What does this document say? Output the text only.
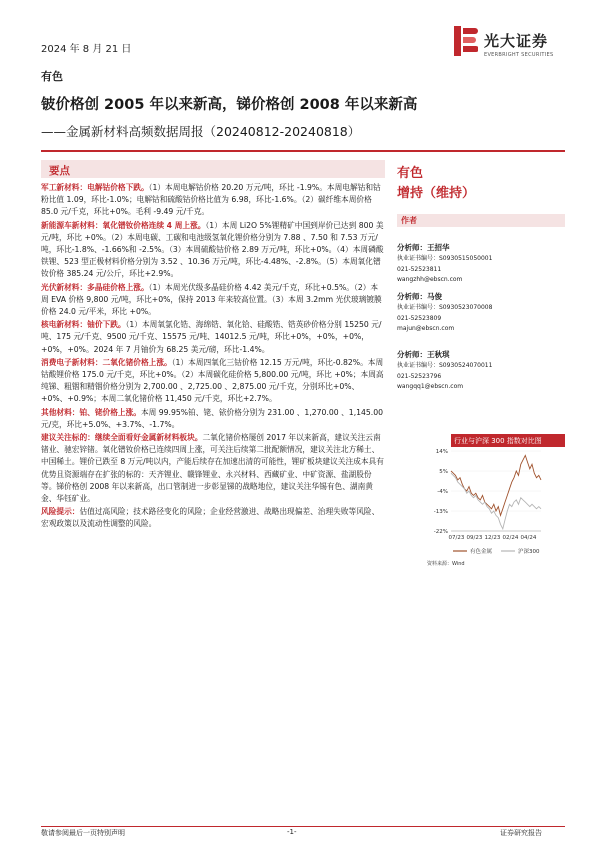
2024 年 8 月 21 日	光大证券
EVERBRIGHT SECURITIES
有色
铍价格创 2005 年以来新高，锑价格创 2008 年以来新高
——金属新材料高频数据周报（20240812-20240818）
要点

军工新材料：电解钴价格下跌。（1）本周电解钴价格 20.20 万元/吨，环比 -1.9%。本周电解钴和钴粉比值 1.09，环比-1.0%；电解钴和硫酸钴价格比值为 6.98，环比-1.6%。（2）碳纤维本周价格 85.0 元/千克，环比+0%。毛利 -9.49 元/千克。

新能源车新材料：氧化镨钕价格连续 4 周上涨。（1）本周 Li2O 5%锂精矿中国到岸价已达到 800 美元/吨，环比 +0%。（2）本周电碳、工碳和电池级氢氧化锂价格分别为 7.88 、7.50 和 7.53 万元/吨，环比-1.8%、-1.66%和 -2.5%。（3）本周硫酸钴价格 2.89 万元/吨，环比+0%。（4）本周磷酸铁锂、523 型正极材料价格分别为 3.52 、10.36 万元/吨，环比-4.48%、-2.8%。（5）本周氧化镨钕价格 385.24 元/公斤，环比+2.9%。

光伏新材料：多晶硅价格上涨。（1）本周光伏级多晶硅价格 4.42 美元/千克，环比+0.5%。（2）本周 EVA 价格 9,800 元/吨，环比+0%，保持 2013 年来较高位置。（3）本周 3.2mm 光伏玻璃镀膜价格 24.0 元/平米，环比 +0%。

核电新材料：铀价下跌。（1）本周氧氯化锆、海绵锆、氧化铪、硅酸锆、锆英砂价格分别 15250 元/吨、175 元/千克、9500 元/千克、15575 元/吨、14012.5 元/吨，环比+0%，+0%，+0%，+0%，+0%。2024 年 7 月铀价为 68.25 美元/磅，环比-1.4%。

消费电子新材料：二氧化锗价格上涨。（1）本周四氧化三钴价格 12.15 万元/吨，环比-0.82%。本周钴酸锂价格 175.0 元/千克，环比+0%。（2）本周碳化硅价格 5,800.00 元/吨，环比 +0%；本周高纯锑、粗铟和精铟价格分别为 2,700.00 、2,725.00 、2,875.00 元/千克，分别环比+0%、+0%、+0.9%；本周二氧化锗价格 11,450 元/千克，环比+2.7%。

其他材料：铂、铑价格上涨。本周 99.95%铂、铑、铱价格分别为 231.00 、1,270.00 、1,145.00 元/克，环比+5.0%、+3.7%、-1.7%。

建议关注标的：继续全面看好金属新材料板块。二氧化锗价格屡创 2017 年以来新高，建议关注云南锗业、驰宏锌锗。氧化镨钕价格已连续四周上涨，可关注后续第二批配额情况，建议关注北方稀土、中国稀土。锂价已跌至 8 万元/吨以内，产能后续存在加速出清的可能性，锂矿板块建议关注成本具有优势且资源端存在扩张的标的：天齐锂业、赣锋锂业、永兴材料、西藏矿业、中矿资源、盐湖股份等。锑价格创 2008 年以来新高，出口管制进一步彰显锑的战略地位，建议关注华锡有色、湖南黄金、华钰矿业。

风险提示：估值过高风险；技术路径变化的风险；企业经营激进、战略出现偏差、治理失败等风险、宏观政策以及流动性调整的风险。

有色
增持（维持）
作者
分析师：王招华
执业证书编号：S0930515050001
021-52523811
wangzhh@ebscn.com
分析师：马俊
执业证书编号：S0930523070008
021-52523809
majun@ebscn.com
分析师：王秋琪
执业证书编号：S0930524070011
021-52523796
wangqq1@ebscn.com
行业与沪深 300 指数对比图
14%
5%
-4%
-13%
-22%
07/23 09/23 12/23 02/24 04/24
有色金属	沪深300
资料来源：Wind
敬请参阅最后一页特别声明	-1-	证券研究报告
